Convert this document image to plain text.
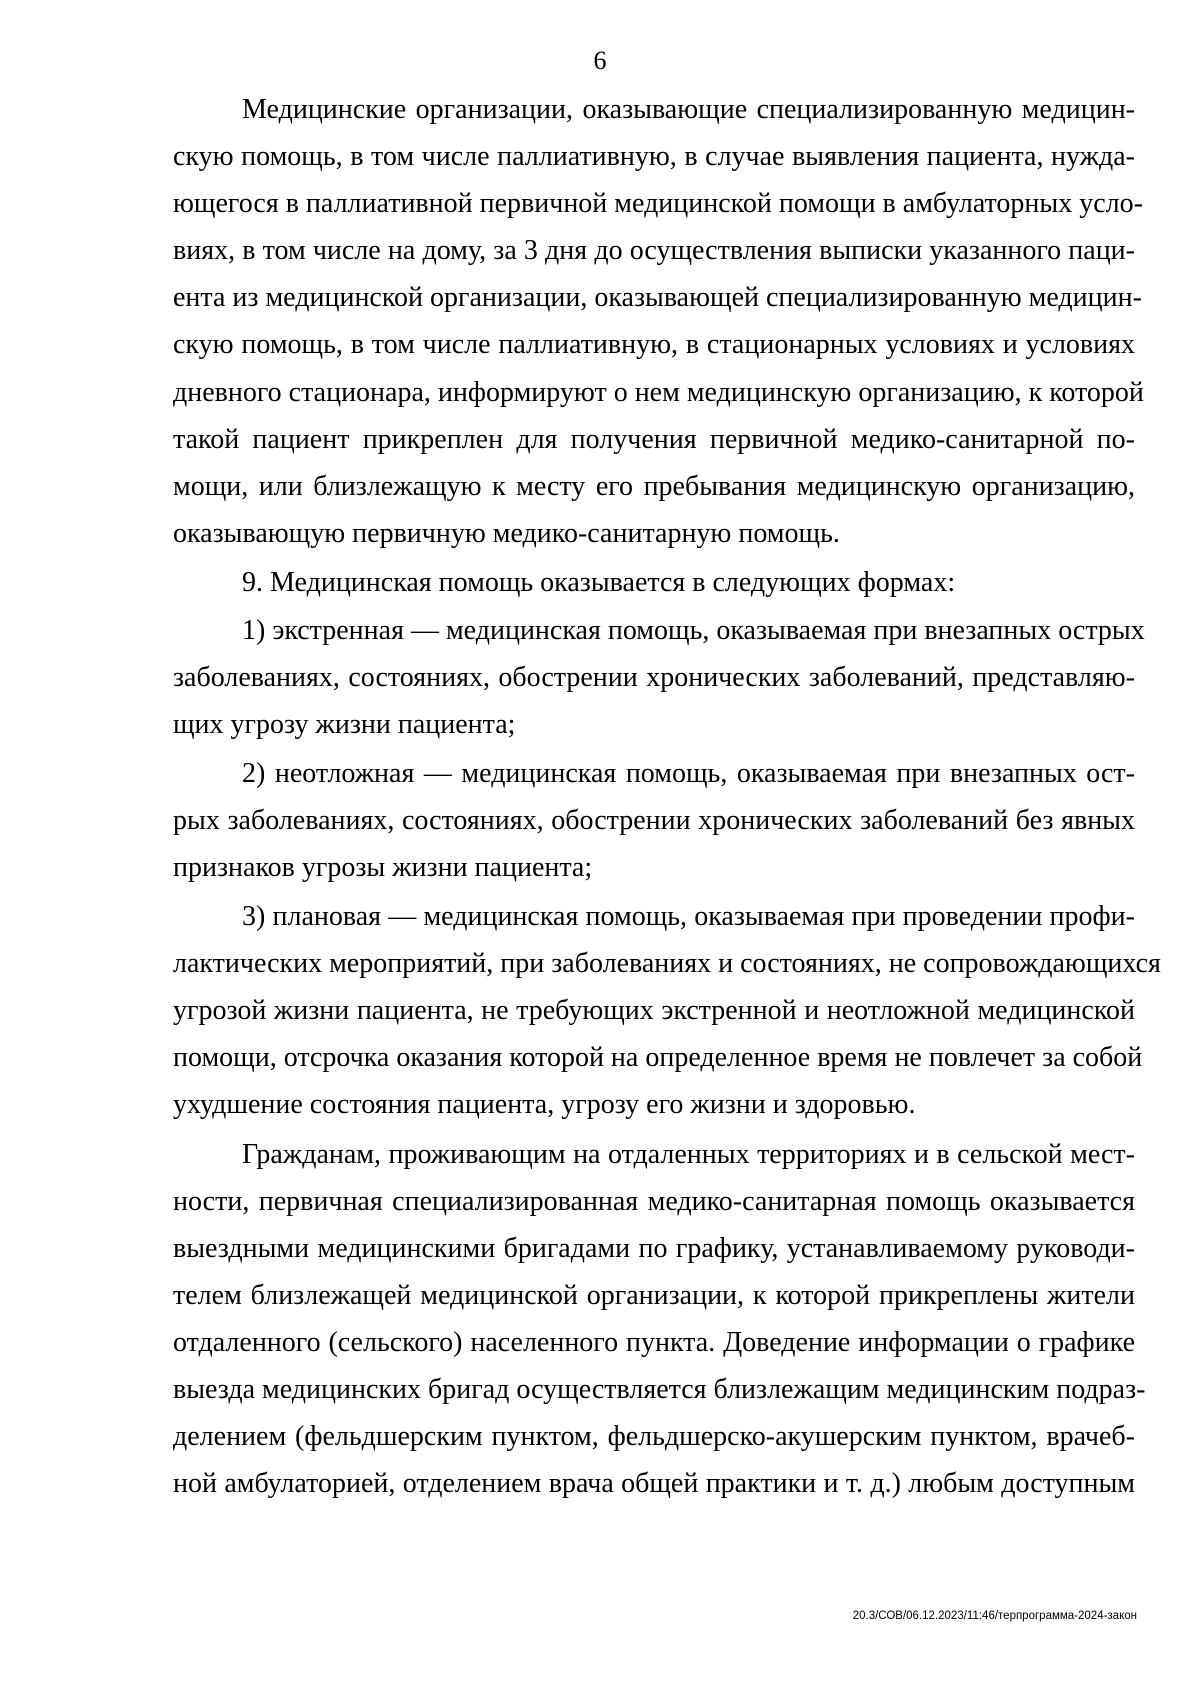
6
Медицинские организации, оказывающие специализированную медицин-
скую помощь, в том числе паллиативную, в случае выявления пациента, нужда-
ющегося в паллиативной первичной медицинской помощи в амбулаторных усло-
виях, в том числе на дому, за 3 дня до осуществления выписки указанного паци-
ента из медицинской организации, оказывающей специализированную медицин-
скую помощь, в том числе паллиативную, в стационарных условиях и условиях
дневного стационара, информируют о нем медицинскую организацию, к которой
такой пациент прикреплен для получения первичной медико-санитарной по-
мощи, или близлежащую к месту его пребывания медицинскую организацию,
оказывающую первичную медико-санитарную помощь.
9. Медицинская помощь оказывается в следующих формах:
1) экстренная — медицинская помощь, оказываемая при внезапных острых
заболеваниях, состояниях, обострении хронических заболеваний, представляю-
щих угрозу жизни пациента;
2) неотложная — медицинская помощь, оказываемая при внезапных ост-
рых заболеваниях, состояниях, обострении хронических заболеваний без явных
признаков угрозы жизни пациента;
3) плановая — медицинская помощь, оказываемая при проведении профи-
лактических мероприятий, при заболеваниях и состояниях, не сопровождающихся
угрозой жизни пациента, не требующих экстренной и неотложной медицинской
помощи, отсрочка оказания которой на определенное время не повлечет за собой
ухудшение состояния пациента, угрозу его жизни и здоровью.
Гражданам, проживающим на отдаленных территориях и в сельской мест-
ности, первичная специализированная медико-санитарная помощь оказывается
выездными медицинскими бригадами по графику, устанавливаемому руководи-
телем близлежащей медицинской организации, к которой прикреплены жители
отдаленного (сельского) населенного пункта. Доведение информации о графике
выезда медицинских бригад осуществляется близлежащим медицинским подраз-
делением (фельдшерским пунктом, фельдшерско-акушерским пунктом, врачеб-
ной амбулаторией, отделением врача общей практики и т. д.) любым доступным
20.3/СОВ/06.12.2023/11:46/терпрограмма-2024-закон
